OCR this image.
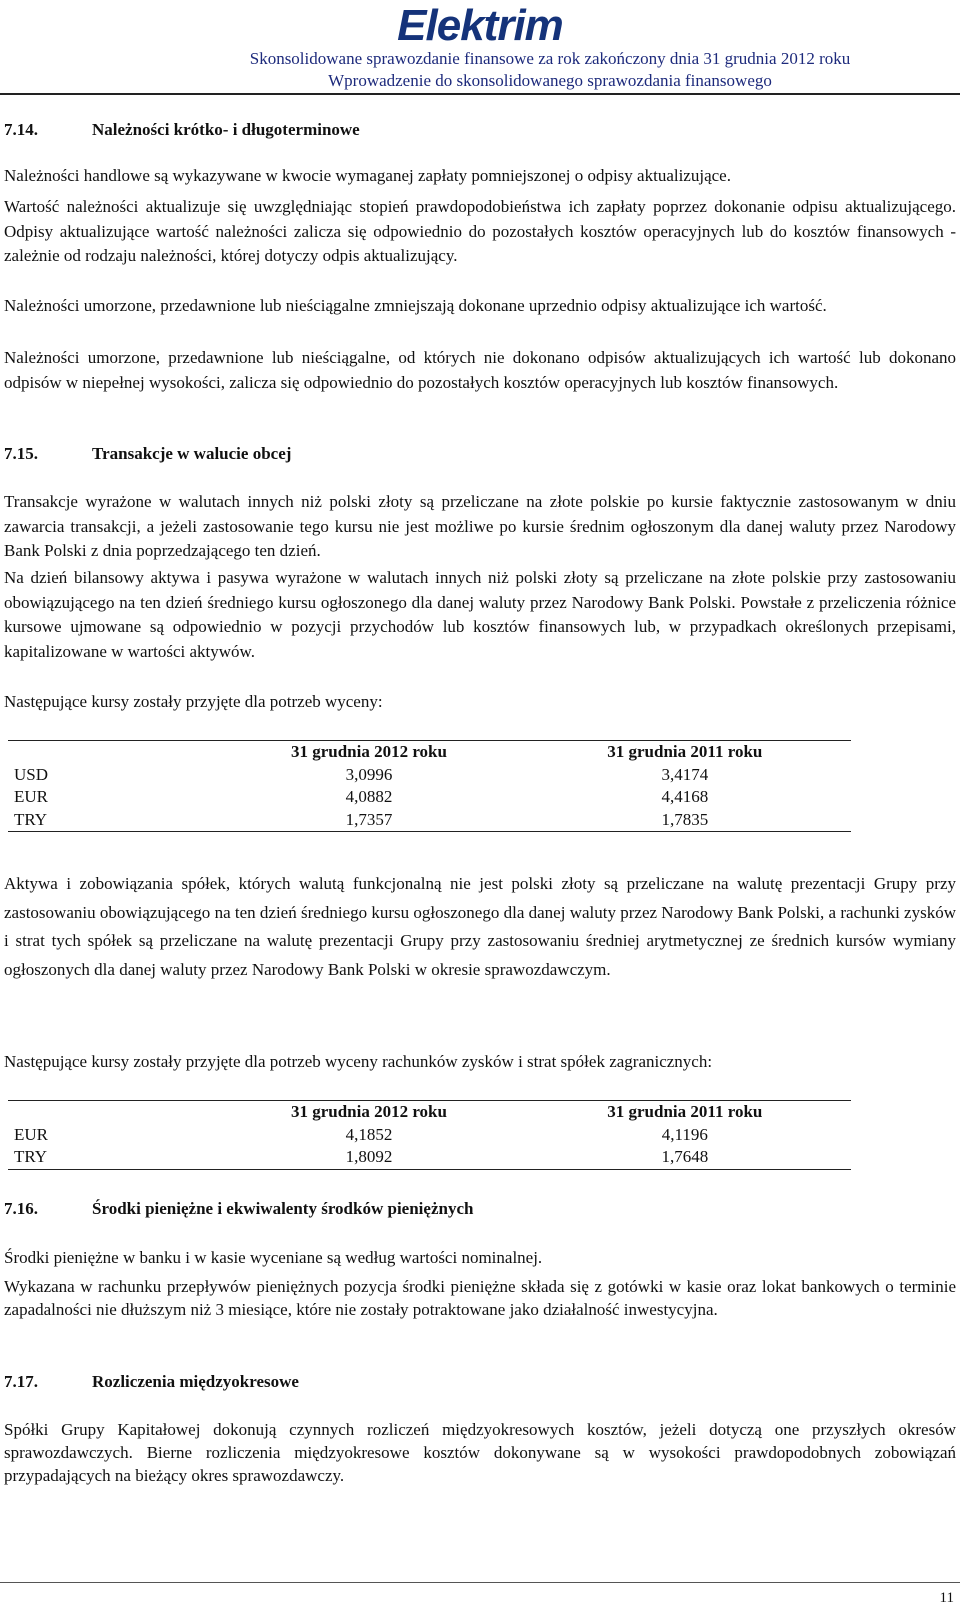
Elektrim
Skonsolidowane sprawozdanie finansowe za rok zakończony dnia 31 grudnia 2012 roku
Wprowadzenie do skonsolidowanego sprawozdania finansowego
7.14.	Należności krótko- i długoterminowe

Należności handlowe są wykazywane w kwocie wymaganej zapłaty pomniejszonej o odpisy aktualizujące.

Wartość należności aktualizuje się uwzględniając stopień prawdopodobieństwa ich zapłaty poprzez dokonanie odpisu aktualizującego. Odpisy aktualizujące wartość należności zalicza się odpowiednio do pozostałych kosztów operacyjnych lub do kosztów finansowych - zależnie od rodzaju należności, której dotyczy odpis aktualizujący.

Należności umorzone, przedawnione lub nieściągalne zmniejszają dokonane uprzednio odpisy aktualizujące ich wartość.

Należności umorzone, przedawnione lub nieściągalne, od których nie dokonano odpisów aktualizujących ich wartość lub dokonano odpisów w niepełnej wysokości, zalicza się odpowiednio do pozostałych kosztów operacyjnych lub kosztów finansowych.

7.15.	Transakcje w walucie obcej

Transakcje wyrażone w walutach innych niż polski złoty są przeliczane na złote polskie po kursie faktycznie zastosowanym w dniu zawarcia transakcji, a jeżeli zastosowanie tego kursu nie jest możliwe po kursie średnim ogłoszonym dla danej waluty przez Narodowy Bank Polski z dnia poprzedzającego ten dzień.

Na dzień bilansowy aktywa i pasywa wyrażone w walutach innych niż polski złoty są przeliczane na złote polskie przy zastosowaniu obowiązującego na ten dzień średniego kursu ogłoszonego dla danej waluty przez Narodowy Bank Polski. Powstałe z przeliczenia różnice kursowe ujmowane są odpowiednio w pozycji przychodów lub kosztów finansowych lub, w przypadkach określonych przepisami, kapitalizowane w wartości aktywów.

Następujące kursy zostały przyjęte dla potrzeb wyceny:

	31 grudnia 2012 roku	31 grudnia 2011 roku
USD	3,0996	3,4174
EUR	4,0882	4,4168
TRY	1,7357	1,7835

Aktywa i zobowiązania spółek, których walutą funkcjonalną nie jest polski złoty są przeliczane na walutę prezentacji Grupy przy zastosowaniu obowiązującego na ten dzień średniego kursu ogłoszonego dla danej waluty przez Narodowy Bank Polski, a rachunki zysków i strat tych spółek są przeliczane na walutę prezentacji Grupy przy zastosowaniu średniej arytmetycznej ze średnich kursów wymiany ogłoszonych dla danej waluty przez Narodowy Bank Polski w okresie sprawozdawczym.

Następujące kursy zostały przyjęte dla potrzeb wyceny rachunków zysków i strat spółek zagranicznych:

	31 grudnia 2012 roku	31 grudnia 2011 roku
EUR	4,1852	4,1196
TRY	1,8092	1,7648
7.16.	Środki pieniężne i ekwiwalenty środków pieniężnych

Środki pieniężne w banku i w kasie wyceniane są według wartości nominalnej.

Wykazana w rachunku przepływów pieniężnych pozycja środki pieniężne składa się z gotówki w kasie oraz lokat bankowych o terminie zapadalności nie dłuższym niż 3 miesiące, które nie zostały potraktowane jako działalność inwestycyjna.

7.17.	Rozliczenia międzyokresowe

Spółki Grupy Kapitałowej dokonują czynnych rozliczeń międzyokresowych kosztów, jeżeli dotyczą one przyszłych okresów sprawozdawczych. Bierne rozliczenia międzyokresowe kosztów dokonywane są w wysokości prawdopodobnych zobowiązań przypadających na bieżący okres sprawozdawczy.

11
